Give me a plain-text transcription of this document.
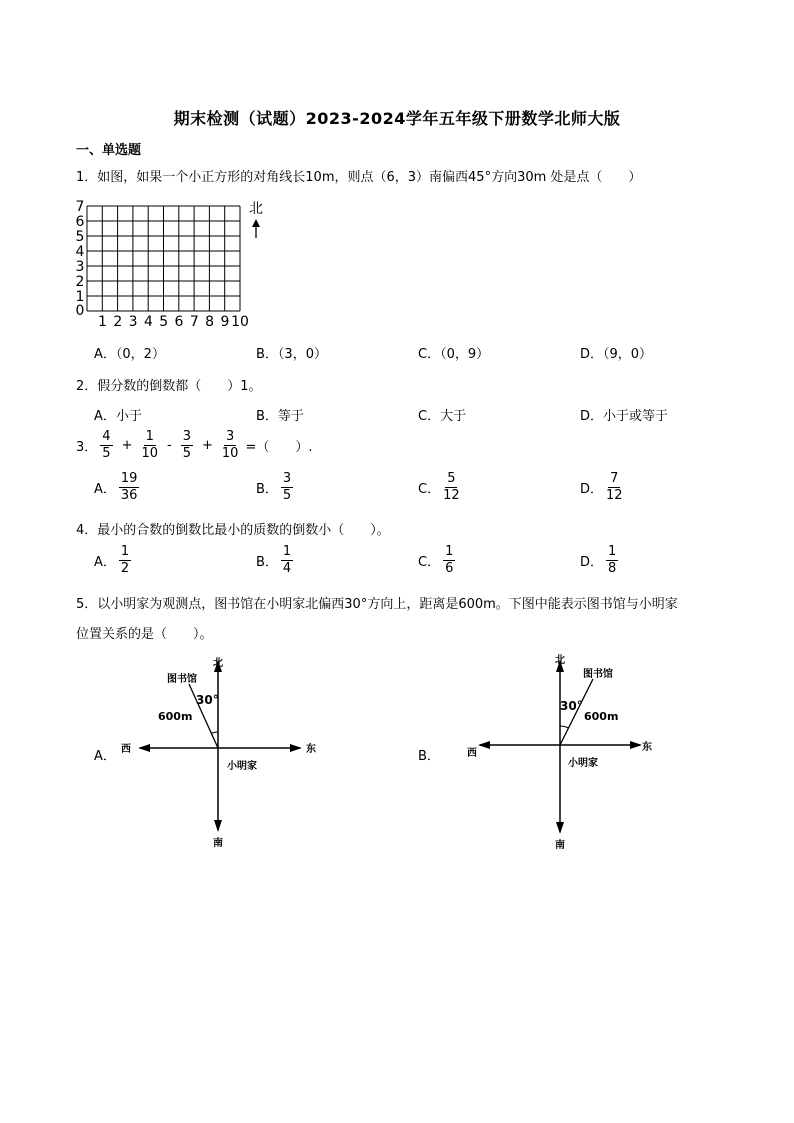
期末检测（试题）2023-2024学年五年级下册数学北师大版
一、单选题
1．如图，如果一个小正方形的对角线长10m，则点（6，3）南偏西45°方向30m 处是点（　　）
7
6
5
4
3
2
1
0
1 2 3 4 5 6 7 8 9 10
北
A．（0，2）	B．（3，0）	C．（0，9）	D．（9，0）
2．假分数的倒数都（　　）1。
A．小于	B．等于	C．大于	D．小于或等于
3． $\frac{4}{5} + \frac{1}{10} - \frac{3}{5} + \frac{3}{10}$ =（　　）.
A． $\frac{19}{36}$	B． $\frac{3}{5}$	C． $\frac{5}{12}$	D． $\frac{7}{12}$
4．最小的合数的倒数比最小的质数的倒数小（　　）。
A． $\frac{1}{2}$	B． $\frac{1}{4}$	C． $\frac{1}{6}$	D． $\frac{1}{8}$
5．以小明家为观测点，图书馆在小明家北偏西30°方向上，距离是600m。下图中能表示图书馆与小明家
位置关系的是（　　）。
A．
北
南
西	东
图书馆
30°
600m
小明家
B．
北
南
西
东
图书馆
30°
600m
小明家
